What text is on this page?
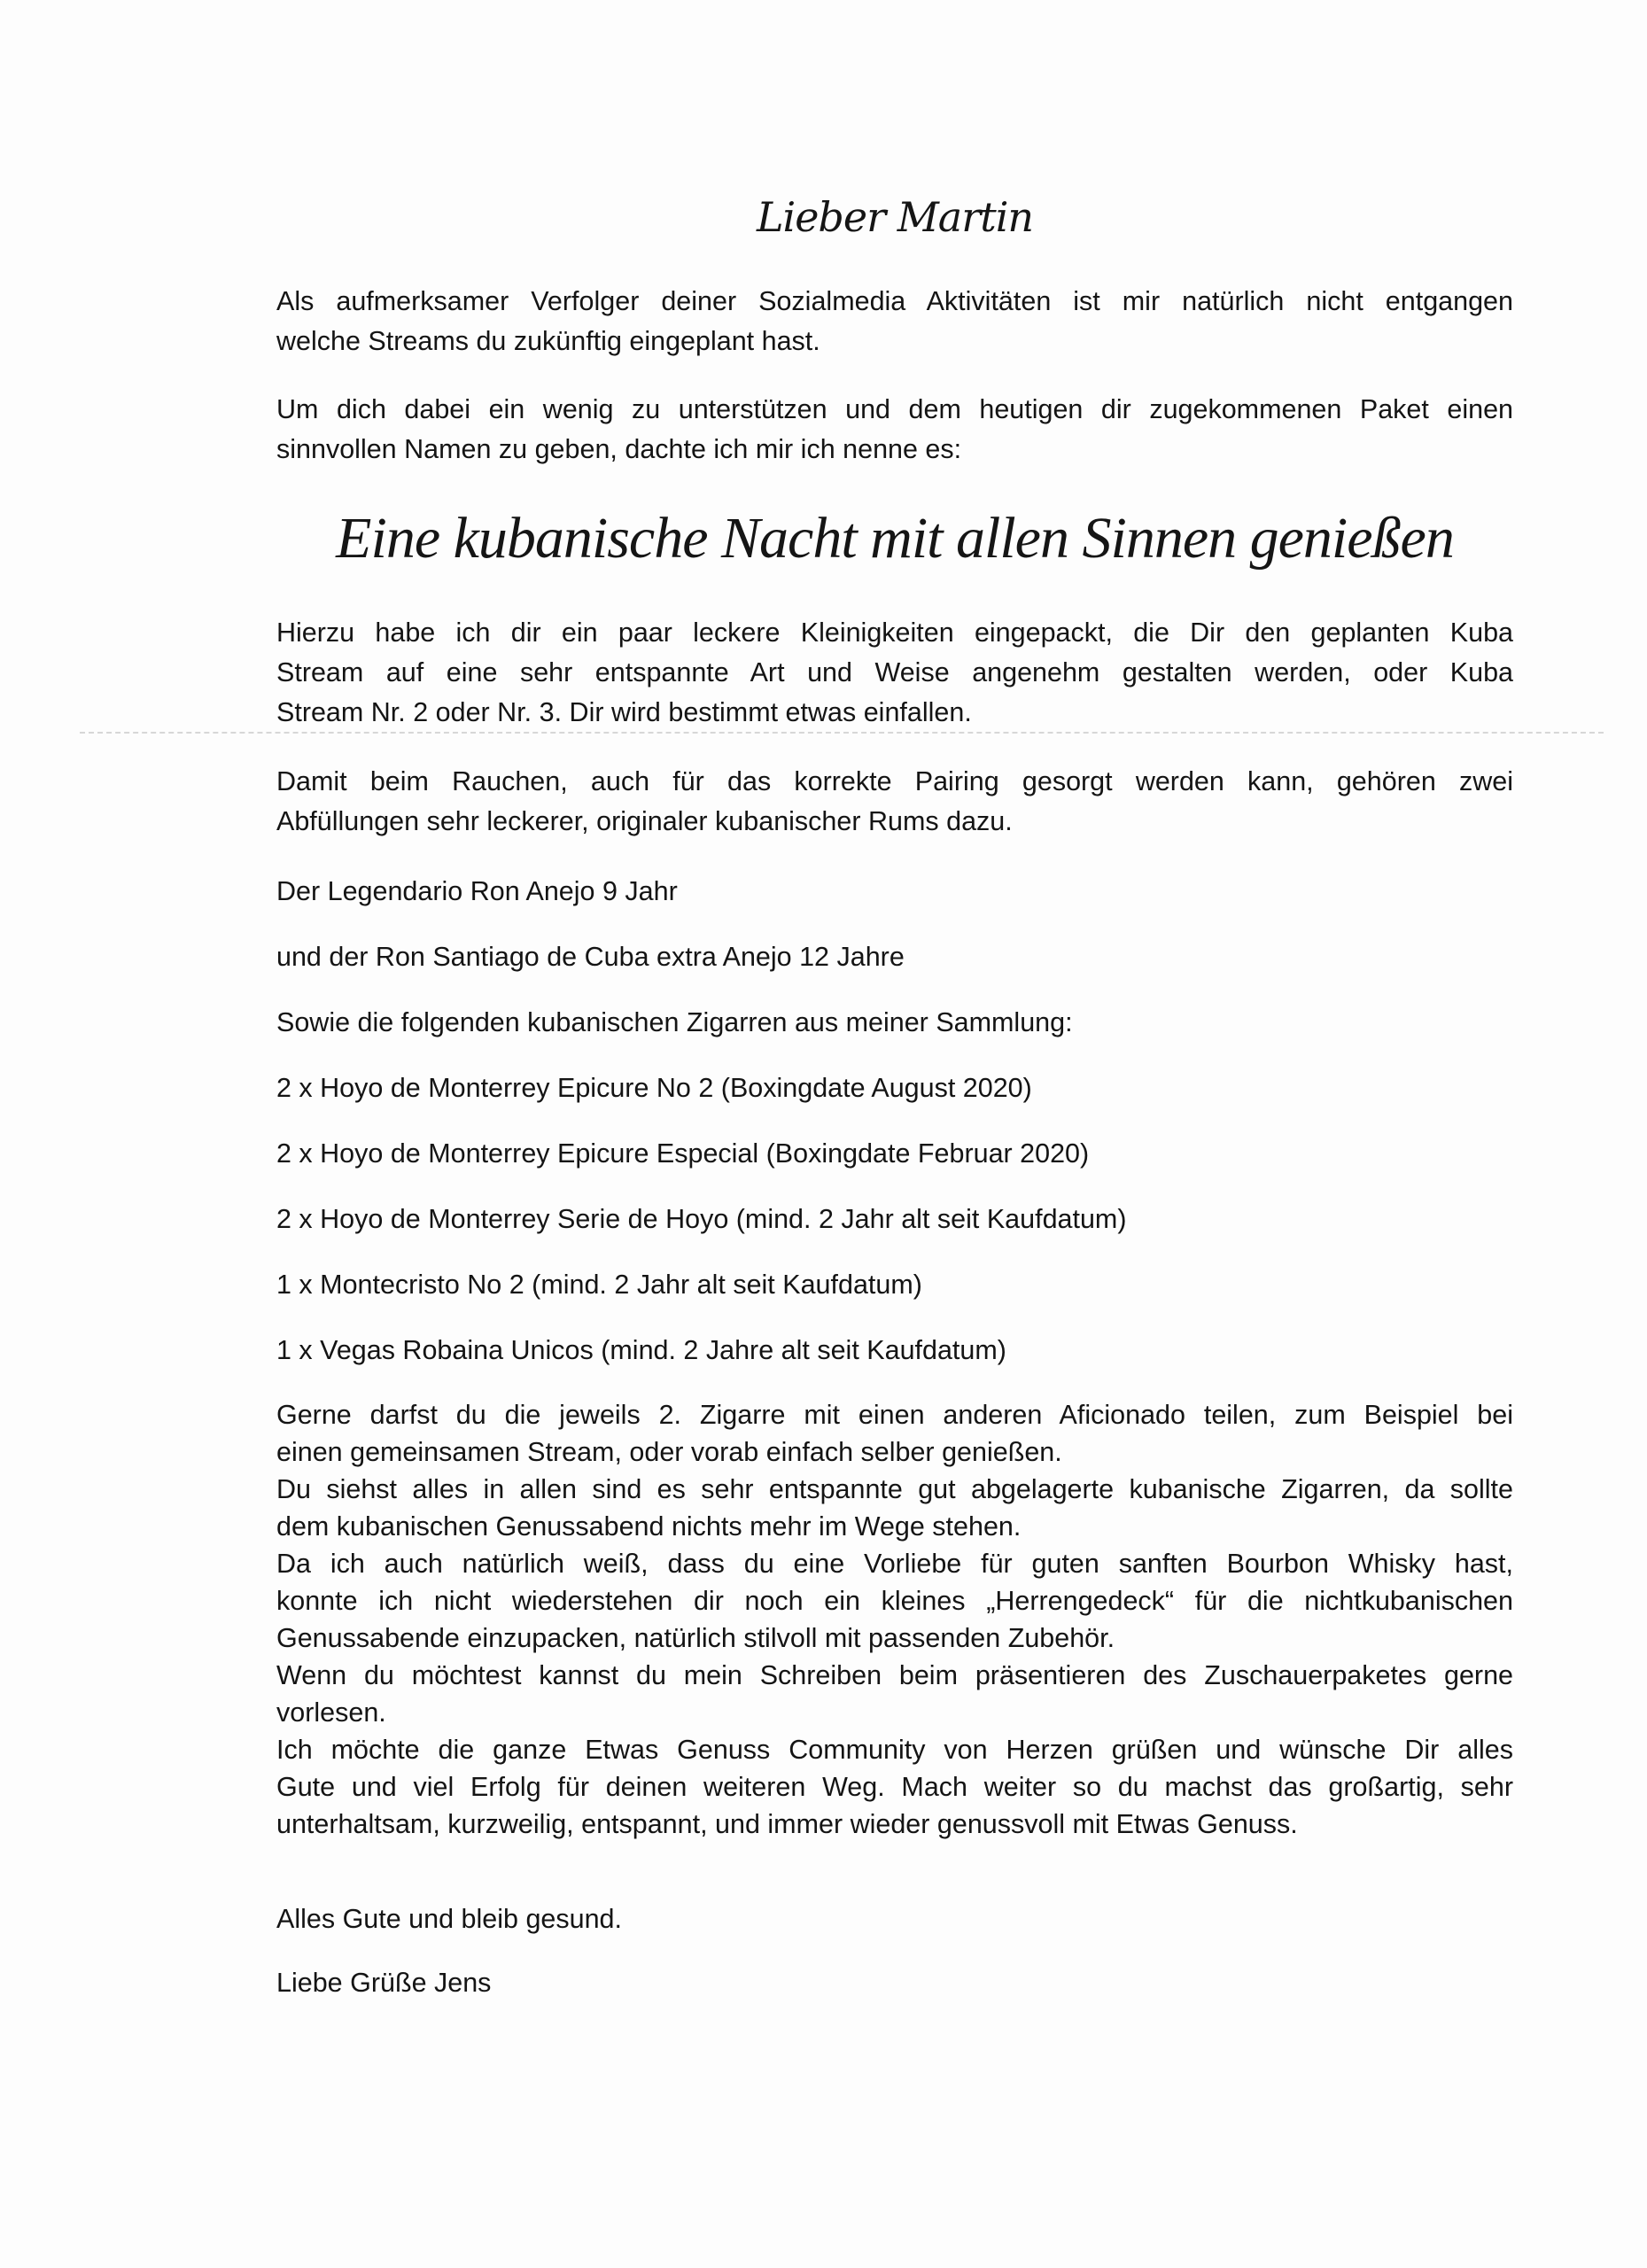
Lieber Martin
Als aufmerksamer Verfolger deiner Sozialmedia Aktivitäten ist mir natürlich nicht entgangen
welche Streams du zukünftig eingeplant hast.
Um dich dabei ein wenig zu unterstützen und dem heutigen dir zugekommenen Paket einen
sinnvollen Namen zu geben, dachte ich mir ich nenne es:
Eine kubanische Nacht mit allen Sinnen genießen
Hierzu habe ich dir ein paar leckere Kleinigkeiten eingepackt, die Dir den geplanten Kuba
Stream auf eine sehr entspannte Art und Weise angenehm gestalten werden, oder Kuba
Stream Nr. 2 oder Nr. 3. Dir wird bestimmt etwas einfallen.
Damit beim Rauchen, auch für das korrekte Pairing gesorgt werden kann, gehören zwei
Abfüllungen sehr leckerer, originaler kubanischer Rums dazu.
Der Legendario Ron Anejo 9 Jahr
und der Ron Santiago de Cuba extra Anejo 12 Jahre
Sowie die folgenden kubanischen Zigarren aus meiner Sammlung:
2 x Hoyo de Monterrey Epicure No 2 (Boxingdate August 2020)
2 x Hoyo de Monterrey Epicure Especial (Boxingdate Februar 2020)
2 x Hoyo de Monterrey Serie de Hoyo (mind. 2 Jahr alt seit Kaufdatum)
1 x Montecristo No 2 (mind. 2 Jahr alt seit Kaufdatum)
1 x Vegas Robaina Unicos (mind. 2 Jahre alt seit Kaufdatum)
Gerne darfst du die jeweils 2. Zigarre mit einen anderen Aficionado teilen, zum Beispiel bei
einen gemeinsamen Stream, oder vorab einfach selber genießen.
Du siehst alles in allen sind es sehr entspannte gut abgelagerte kubanische Zigarren, da sollte
dem kubanischen Genussabend nichts mehr im Wege stehen.
Da ich auch natürlich weiß, dass du eine Vorliebe für guten sanften Bourbon Whisky hast,
konnte ich nicht wiederstehen dir noch ein kleines „Herrengedeck“ für die nichtkubanischen
Genussabende einzupacken, natürlich stilvoll mit passenden Zubehör.
Wenn du möchtest kannst du mein Schreiben beim präsentieren des Zuschauerpaketes gerne
vorlesen.
Ich möchte die ganze Etwas Genuss Community von Herzen grüßen und wünsche Dir alles
Gute und viel Erfolg für deinen weiteren Weg. Mach weiter so du machst das großartig, sehr
unterhaltsam, kurzweilig, entspannt, und immer wieder genussvoll mit Etwas Genuss.
Alles Gute und bleib gesund.
Liebe Grüße Jens
